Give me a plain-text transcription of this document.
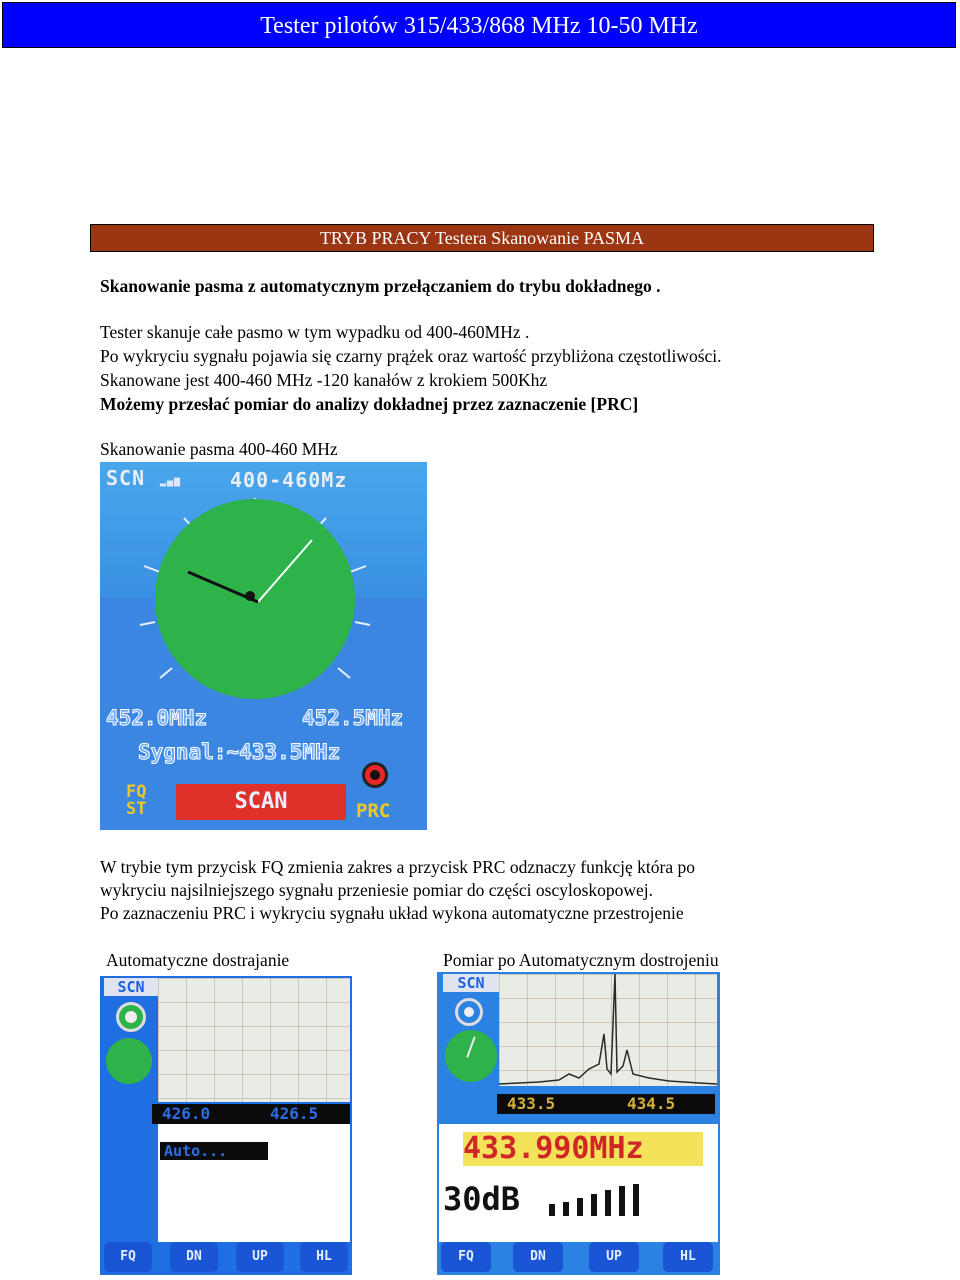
Tester pilotów 315/433/868 MHz 10-50 MHz
TRYB PRACY Testera Skanowanie PASMA
Skanowanie pasma z automatycznym przełączaniem do trybu dokładnego .
Tester skanuje całe pasmo w tym wypadku od 400-460MHz .
Po wykryciu sygnału pojawia się czarny prążek oraz wartość przybliżona częstotliwości.
Skanowane jest 400-460 MHz -120 kanałów z krokiem 500Khz
Możemy przesłać pomiar do analizy dokładnej przez zaznaczenie [PRC]
Skanowanie pasma 400-460 MHz
SCN ▂▄▆ 400-460Mz
452.0MHz	452.5MHz
Sygnal:~433.5MHz
FQ
ST	SCAN	PRC
W trybie tym przycisk FQ zmienia zakres a przycisk PRC odznaczy funkcję która po
wykryciu najsilniejszego sygnału przeniesie pomiar do części oscyloskopowej.
Po zaznaczeniu PRC i wykryciu sygnału układ wykona automatyczne przestrojenie
Automatyczne dostrajanie	Pomiar po Automatycznym dostrojeniu
SCN
426.0	426.5
Auto...
FQ	DN	UP	HL
SCN
433.5	434.5
433.990MHz
30dB
FQ	DN	UP	HL
